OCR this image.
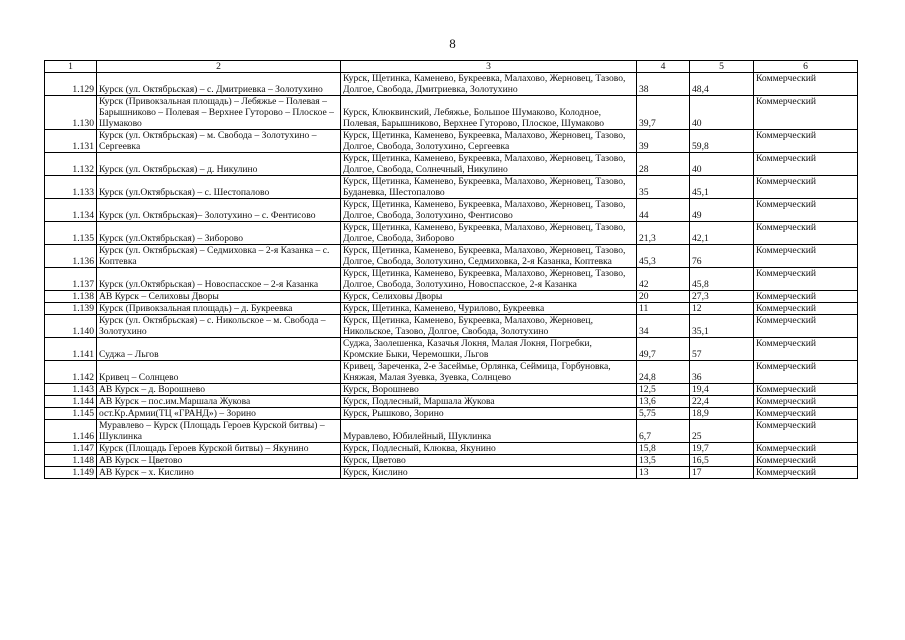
8
1	2	3	4	5	6
1.129	Курск (ул. Октябрьская) – с. Дмитриевка – Золотухино	Курск, Щетинка, Каменево, Букреевка, Малахово, Жерновец, Тазово, Долгое, Свобода, Дмитриевка, Золотухино	38	48,4	Коммерческий
1.130	Курск (Привокзальная площадь) – Лебяжье – Полевая – Барышниково – Полевая – Верхнее Гуторово – Плоское – Шумаково	Курск, Клюквинский, Лебяжье, Большое Шумаково, Колодное, Полевая, Барышниково, Верхнее Гуторово, Плоское, Шумаково	39,7	40	Коммерческий
1.131	Курск (ул. Октябрьская) – м. Свобода – Золотухино – Сергеевка	Курск, Щетинка, Каменево, Букреевка, Малахово, Жерновец, Тазово, Долгое, Свобода, Золотухино, Сергеевка	39	59,8	Коммерческий
1.132	Курск (ул. Октябрьская) – д. Никулино	Курск, Щетинка, Каменево, Букреевка, Малахово, Жерновец, Тазово, Долгое, Свобода, Солнечный, Никулино	28	40	Коммерческий
1.133	Курск (ул.Октябрьская) – с. Шестопалово	Курск, Щетинка, Каменево, Букреевка, Малахово, Жерновец, Тазово, Буданевка, Шестопалово	35	45,1	Коммерческий
1.134	Курск (ул. Октябрьская)– Золотухино – с. Фентисово	Курск, Щетинка, Каменево, Букреевка, Малахово, Жерновец, Тазово, Долгое, Свобода, Золотухино, Фентисово	44	49	Коммерческий
1.135	Курск (ул.Октябрьская) – Зиборово	Курск, Щетинка, Каменево, Букреевка, Малахово, Жерновец, Тазово, Долгое, Свобода, Зиборово	21,3	42,1	Коммерческий
1.136	Курск (ул. Октябрьская) – Седмиховка – 2-я Казанка – с. Коптевка	Курск, Щетинка, Каменево, Букреевка, Малахово, Жерновец, Тазово, Долгое, Свобода, Золотухино, Седмиховка, 2-я Казанка, Коптевка	45,3	76	Коммерческий
1.137	Курск (ул.Октябрьская) – Новоспасское – 2-я Казанка	Курск, Щетинка, Каменево, Букреевка, Малахово, Жерновец, Тазово, Долгое, Свобода, Золотухино, Новоспасское, 2-я Казанка	42	45,8	Коммерческий
1.138	АВ Курск – Селиховы Дворы	Курск, Селиховы Дворы	20	27,3	Коммерческий
1.139	Курск (Привокзальная площадь) – д. Букреевка	Курск, Щетинка, Каменево, Чурилово, Букреевка	11	12	Коммерческий
1.140	Курск (ул. Октябрьская) – с. Никольское – м. Свобода – Золотухино	Курск, Щетинка, Каменево, Букреевка, Малахово, Жерновец, Никольское, Тазово, Долгое, Свобода, Золотухино	34	35,1	Коммерческий
1.141	Суджа – Льгов	Суджа, Заолешенка, Казачья Локня, Малая Локня, Погребки, Кромские Быки, Черемошки, Льгов	49,7	57	Коммерческий
1.142	Кривец – Солнцево	Кривец, Зареченка, 2-е Засеймье, Орлянка, Сеймица, Горбуновка, Княжая, Малая Зуевка, Зуевка, Солнцево	24,8	36	Коммерческий
1.143	АВ Курск – д. Ворошнево	Курск, Ворошнево	12,5	19,4	Коммерческий
1.144	АВ Курск – пос.им.Маршала Жукова	Курск, Подлесный, Маршала Жукова	13,6	22,4	Коммерческий
1.145	ост.Кр.Армии(ТЦ «ГРАНД») – Зорино	Курск, Рышково, Зорино	5,75	18,9	Коммерческий
1.146	Муравлево – Курск (Площадь Героев Курской битвы) – Шуклинка	Муравлево, Юбилейный, Шуклинка	6,7	25	Коммерческий
1.147	Курск (Площадь Героев Курской битвы) – Якунино	Курск, Подлесный, Клюква, Якунино	15,8	19,7	Коммерческий
1.148	АВ Курск – Цветово	Курск, Цветово	13,5	16,5	Коммерческий
1.149	АВ Курск – х. Кислино	Курск, Кислино	13	17	Коммерческий
